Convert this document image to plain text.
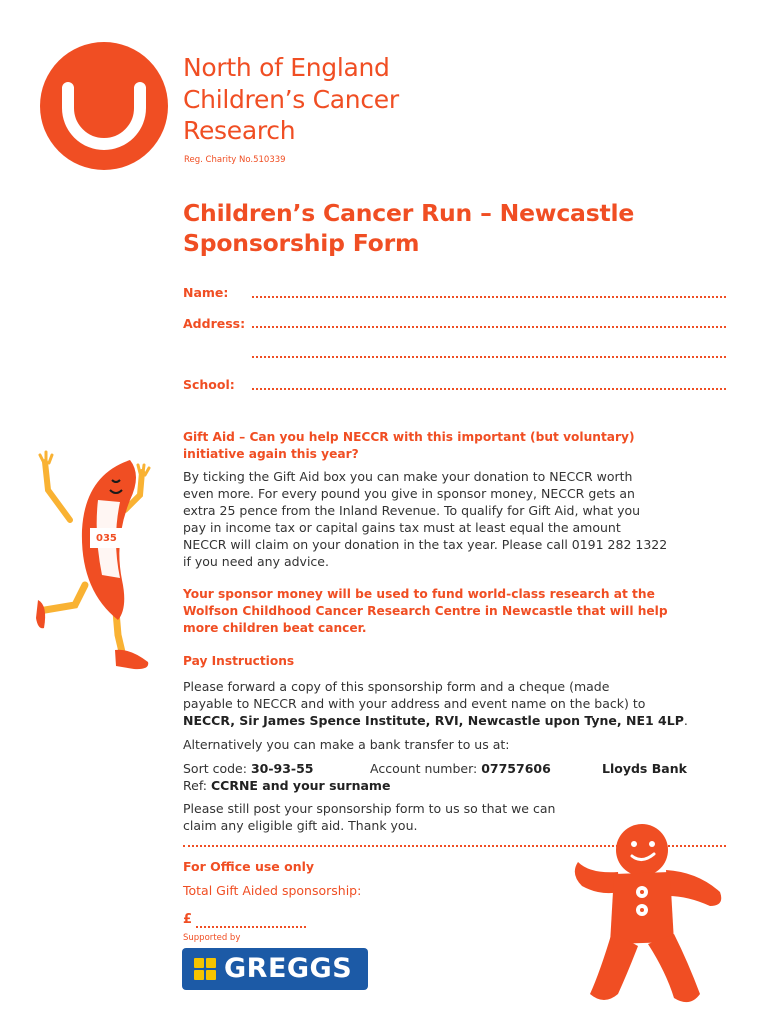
North of England
Children’s Cancer
Research
Reg. Charity No.510339
Children’s Cancer Run – Newcastle
Sponsorship Form
Name:
Address:
School:
035
Gift Aid – Can you help NECCR with this important (but voluntary)
initiative again this year?
By ticking the Gift Aid box you can make your donation to NECCR worth
even more. For every pound you give in sponsor money, NECCR gets an
extra 25 pence from the Inland Revenue. To qualify for Gift Aid, what you
pay in income tax or capital gains tax must at least equal the amount
NECCR will claim on your donation in the tax year. Please call 0191 282 1322
if you need any advice.
Your sponsor money will be used to fund world-class research at the
Wolfson Childhood Cancer Research Centre in Newcastle that will help
more children beat cancer.
Pay Instructions
Please forward a copy of this sponsorship form and a cheque (made
payable to NECCR and with your address and event name on the back) to
NECCR, Sir James Spence Institute, RVI, Newcastle upon Tyne, NE1 4LP.
Alternatively you can make a bank transfer to us at:
Sort code: 30-93-55	Account number: 07757606	Lloyds Bank
Ref: CCRNE and your surname
Please still post your sponsorship form to us so that we can
claim any eligible gift aid. Thank you.
For Office use only
Total Gift Aided sponsorship:
£
Supported by
GREGGS
